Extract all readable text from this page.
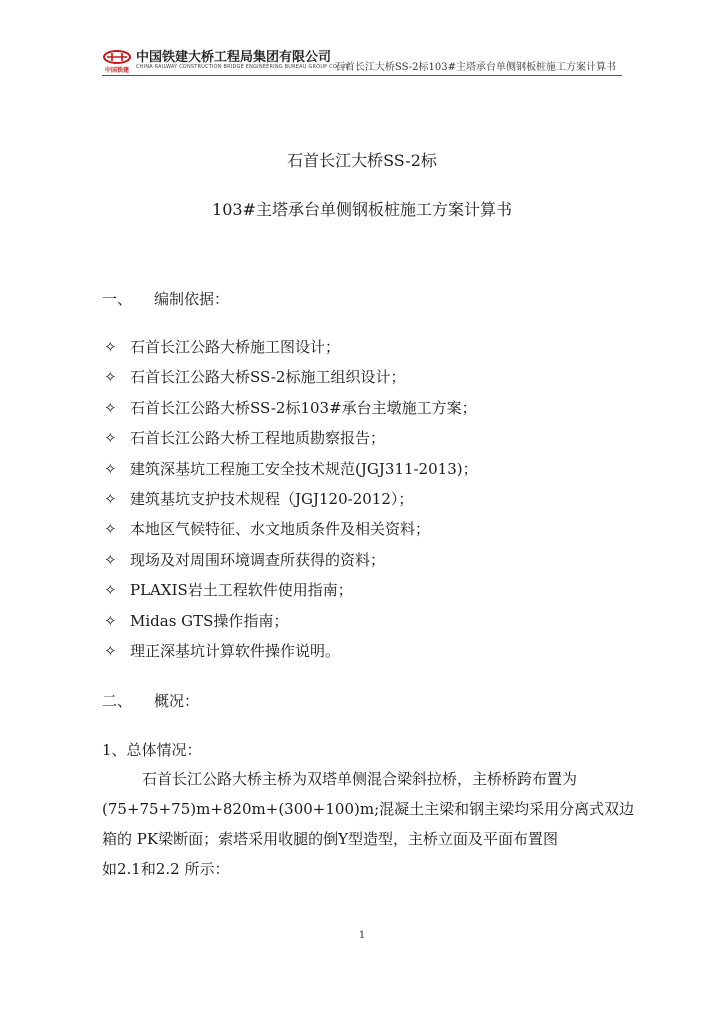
中国铁建
中国铁建大桥工程局集团有限公司
CHINA RAILWAY CONSTRUCTION BRIDGE ENGINEERING BUREAU GROUP CO.,LTD
石首长江大桥SS-2标103#主塔承台单侧钢板桩施工方案计算书
石首长江大桥SS-2标
103#主塔承台单侧钢板桩施工方案计算书
一、 编制依据：
✧ 石首长江公路大桥施工图设计；
✧ 石首长江公路大桥SS-2标施工组织设计；
✧ 石首长江公路大桥SS-2标103#承台主墩施工方案；
✧ 石首长江公路大桥工程地质勘察报告；
✧ 建筑深基坑工程施工安全技术规范(JGJ311-2013)；
✧ 建筑基坑支护技术规程（JGJ120-2012）；
✧ 本地区气候特征、水文地质条件及相关资料；
✧ 现场及对周围环境调查所获得的资料；
✧ PLAXIS岩土工程软件使用指南；
✧ Midas GTS操作指南；
✧ 理正深基坑计算软件操作说明。
二、 概况：
1、总体情况：
石首长江公路大桥主桥为双塔单侧混合梁斜拉桥，主桥桥跨布置为
(75+75+75)m+820m+(300+100)m;混凝土主梁和钢主梁均采用分离式双边
箱的 PK梁断面；索塔采用收腿的倒Y型造型，主桥立面及平面布置图
如2.1和2.2 所示：
1
